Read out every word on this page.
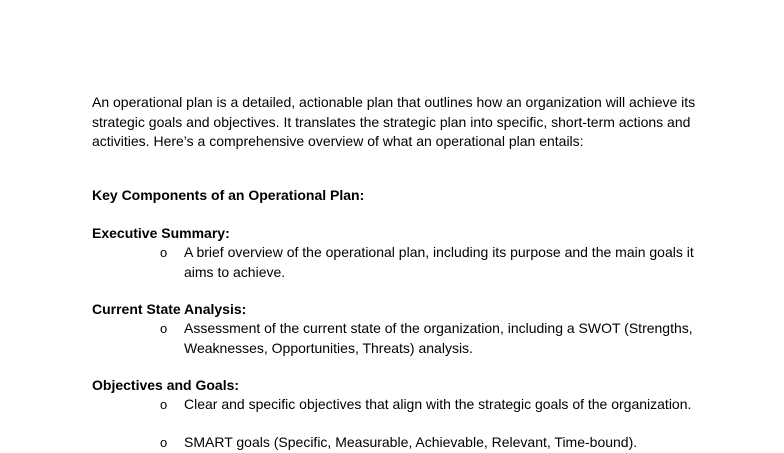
An operational plan is a detailed, actionable plan that outlines how an organization will achieve its strategic goals and objectives. It translates the strategic plan into specific, short-term actions and activities. Here’s a comprehensive overview of what an operational plan entails:
Key Components of an Operational Plan:
Executive Summary:
o A brief overview of the operational plan, including its purpose and the main goals it aims to achieve.
Current State Analysis:
o Assessment of the current state of the organization, including a SWOT (Strengths, Weaknesses, Opportunities, Threats) analysis.
Objectives and Goals:
o Clear and specific objectives that align with the strategic goals of the organization.
o SMART goals (Specific, Measurable, Achievable, Relevant, Time-bound).
